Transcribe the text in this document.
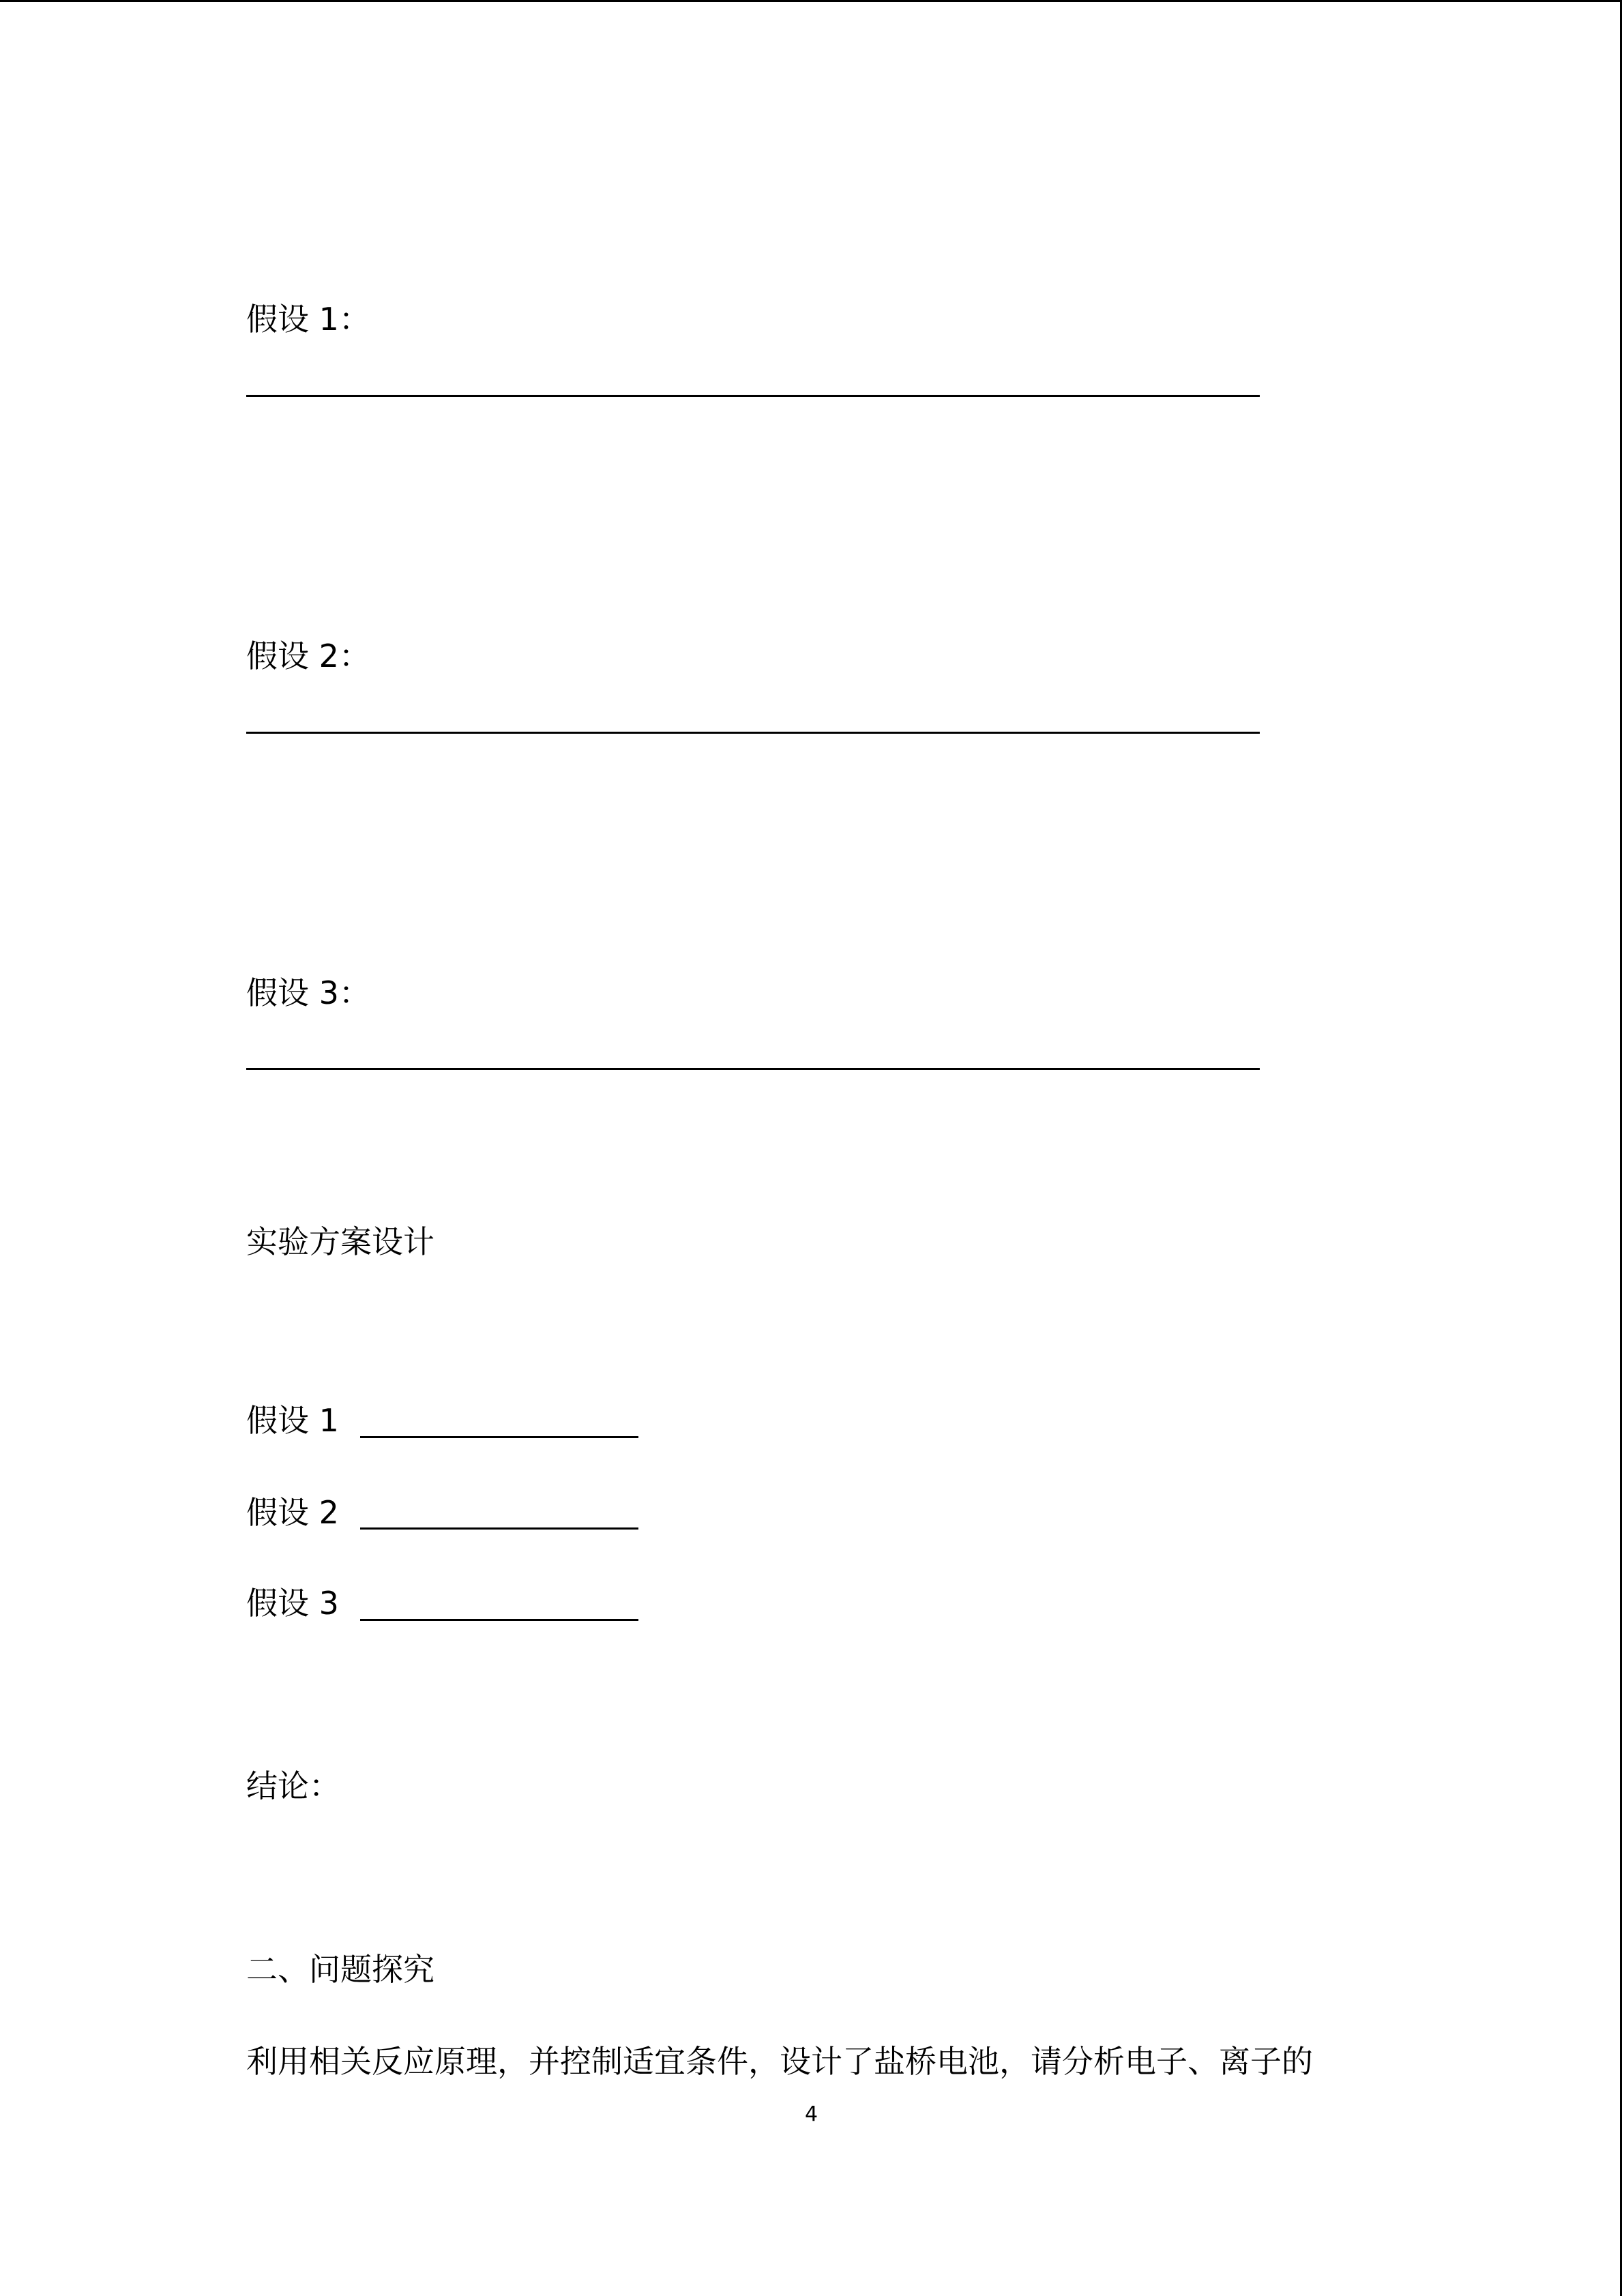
假设 1：
假设 2：
假设 3：
实验方案设计
假设 1
假设 2
假设 3
结论：
二、问题探究
利用相关反应原理，并控制适宜条件，设计了盐桥电池，请分析电子、离子的
4
